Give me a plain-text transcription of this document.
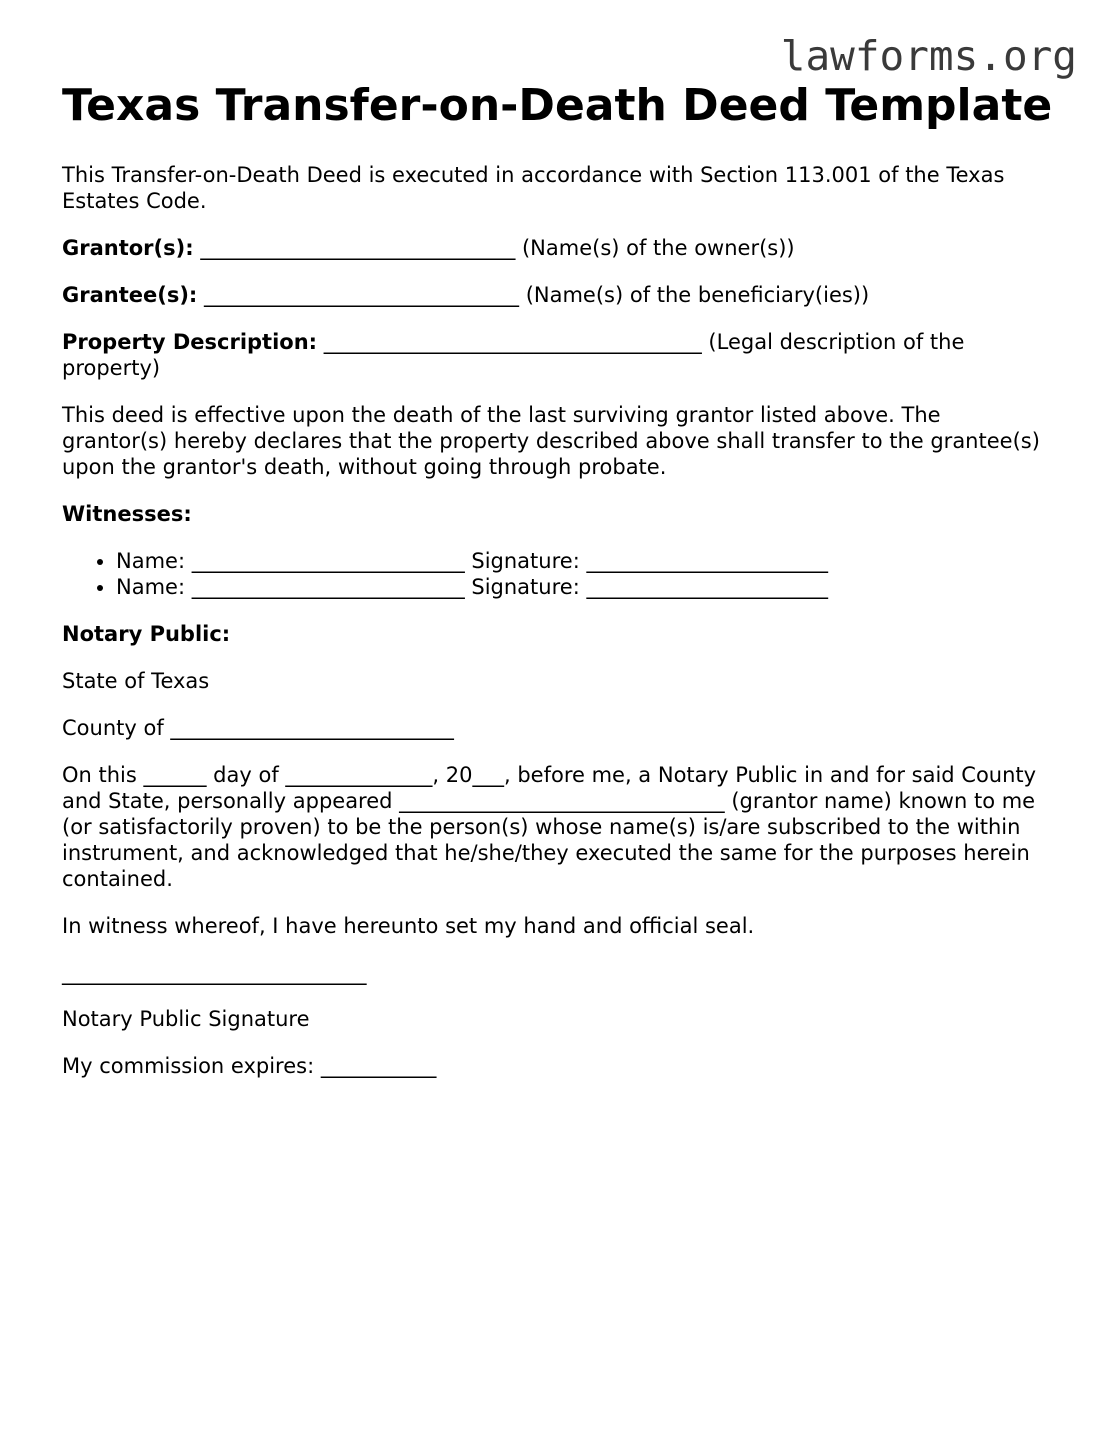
lawforms.org
Texas Transfer-on-Death Deed Template

This Transfer-on-Death Deed is executed in accordance with Section 113.001 of the Texas Estates Code.

Grantor(s): ______________________________ (Name(s) of the owner(s))

Grantee(s): ______________________________ (Name(s) of the beneficiary(ies))

Property Description: ____________________________________ (Legal description of the property)

This deed is effective upon the death of the last surviving grantor listed above. The grantor(s) hereby declares that the property described above shall transfer to the grantee(s) upon the grantor's death, without going through probate.

Witnesses:

• Name: __________________________ Signature: _______________________
• Name: __________________________ Signature: _______________________

Notary Public:

State of Texas

County of ___________________________

On this ______ day of ______________, 20___, before me, a Notary Public in and for said County and State, personally appeared _______________________________ (grantor name) known to me (or satisfactorily proven) to be the person(s) whose name(s) is/are subscribed to the within instrument, and acknowledged that he/she/they executed the same for the purposes herein contained.

In witness whereof, I have hereunto set my hand and official seal.

_____________________________

Notary Public Signature

My commission expires: ___________
